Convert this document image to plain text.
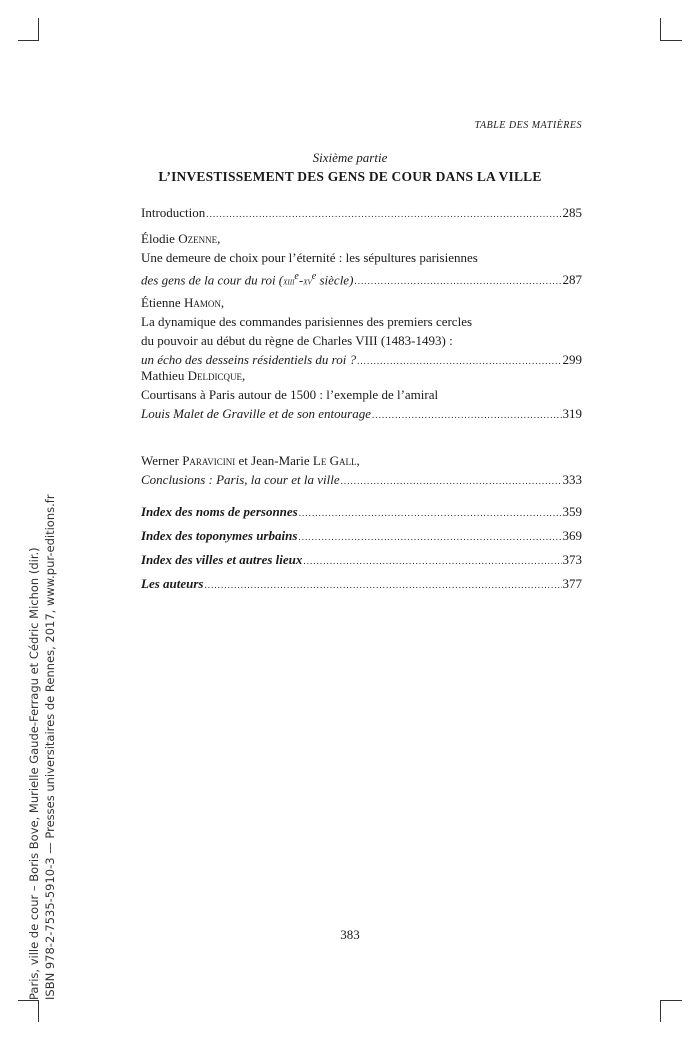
TABLE DES MATIÈRES
Sixième partie
L’INVESTISSEMENT DES GENS DE COUR DANS LA VILLE
Introduction . . .	285
Élodie
Ozenne ,
Une demeure de choix pour l’éternité : les sépultures parisiennes
des gens de la cour du roi ($xiii^e-xv^e$ siècle) . . .	287
Étienne
Hamon ,
La dynamique des commandes parisiennes des premiers cercles
du pouvoir au début du règne de Charles VIII (1483-1493) :
un écho des desseins résidentiels du roi ? . . .	299
Mathieu
Deldicque ,
Courtisans à Paris autour de 1500 : l’exemple de l’amiral
Louis Malet de Graville et de son entourage . . .	319
Werner
Paravicini et Jean-Marie
Le Gall ,
Conclusions : Paris, la cour et la ville . . .	333
Index des noms de personnes . . .	359
Index des toponymes urbains . . .	369
Index des villes et autres lieux . . .	373
Les auteurs . . .	377
383
Paris, ville de cour – Boris Bove, Murielle Gaude-Ferragu et Cédric Michon (dir.) ISBN 978-2-7535-5910-3 — Presses universitaires de Rennes, 2017, www.pur-editions.fr
